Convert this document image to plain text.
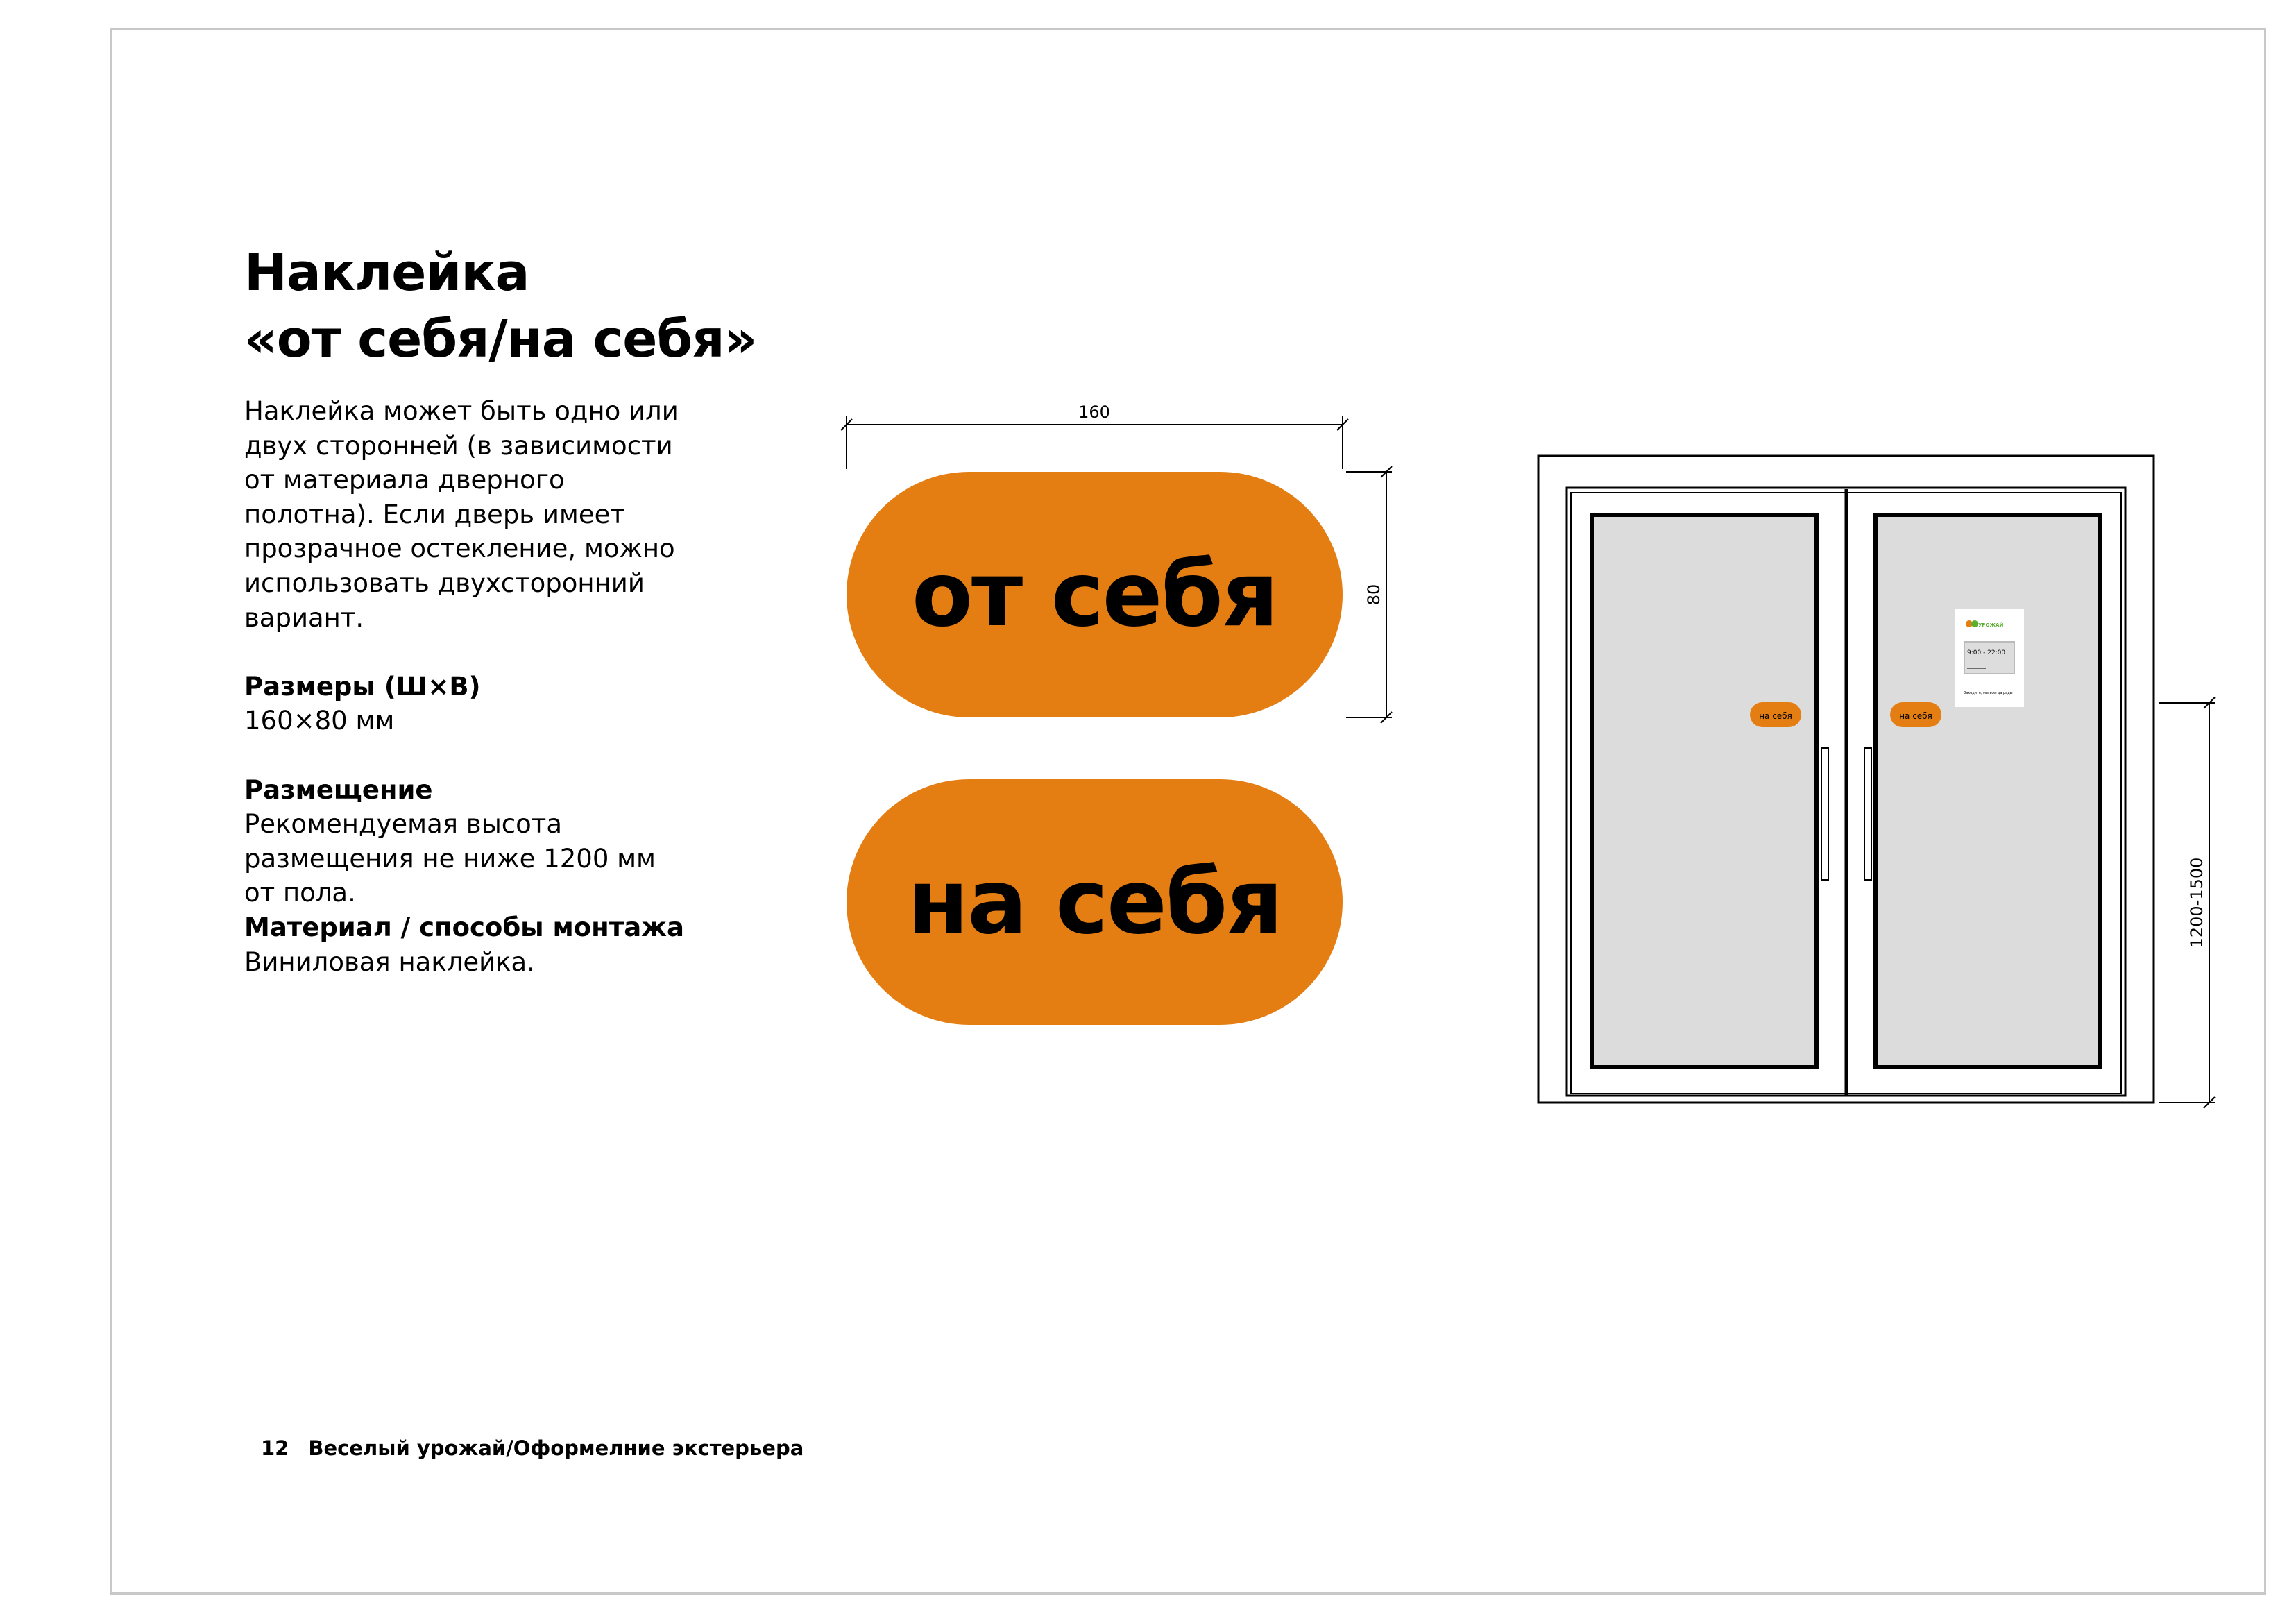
Наклейка
«от себя/на себя»

Наклейка может быть одно или двух сторонней (в зависимости от материала дверного полотна). Если дверь имеет прозрачное остекление, можно использовать двухсторонний вариант.

Размеры (Ш×В)
160×80 мм

Размещение
Рекомендуемая высота размещения не ниже 1200 мм от пола.

Материал / способы монтажа
Виниловая наклейка.

от себя
на себя
160
80
на себя	на себя
УРОЖАЙ
9:00 - 22:00
Заходите, мы всегда рады
1200-1500
12 Веселый урожай/Оформелние экстерьера
